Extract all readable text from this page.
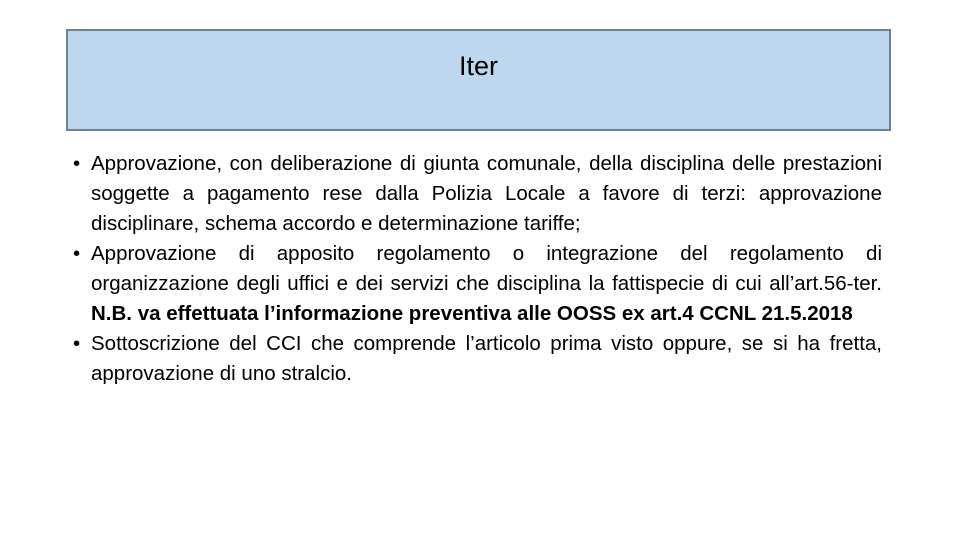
Iter
• Approvazione, con deliberazione di giunta comunale, della disciplina delle prestazioni soggette a pagamento rese dalla Polizia Locale a favore di terzi: approvazione disciplinare, schema accordo e determinazione tariffe;
• Approvazione di apposito regolamento o integrazione del regolamento di organizzazione degli uffici e dei servizi che disciplina la fattispecie di cui all’art.56-ter. N.B. va effettuata l’informazione preventiva alle OOSS ex art.4 CCNL 21.5.2018
• Sottoscrizione del CCI che comprende l’articolo prima visto oppure, se si ha fretta, approvazione di uno stralcio.
